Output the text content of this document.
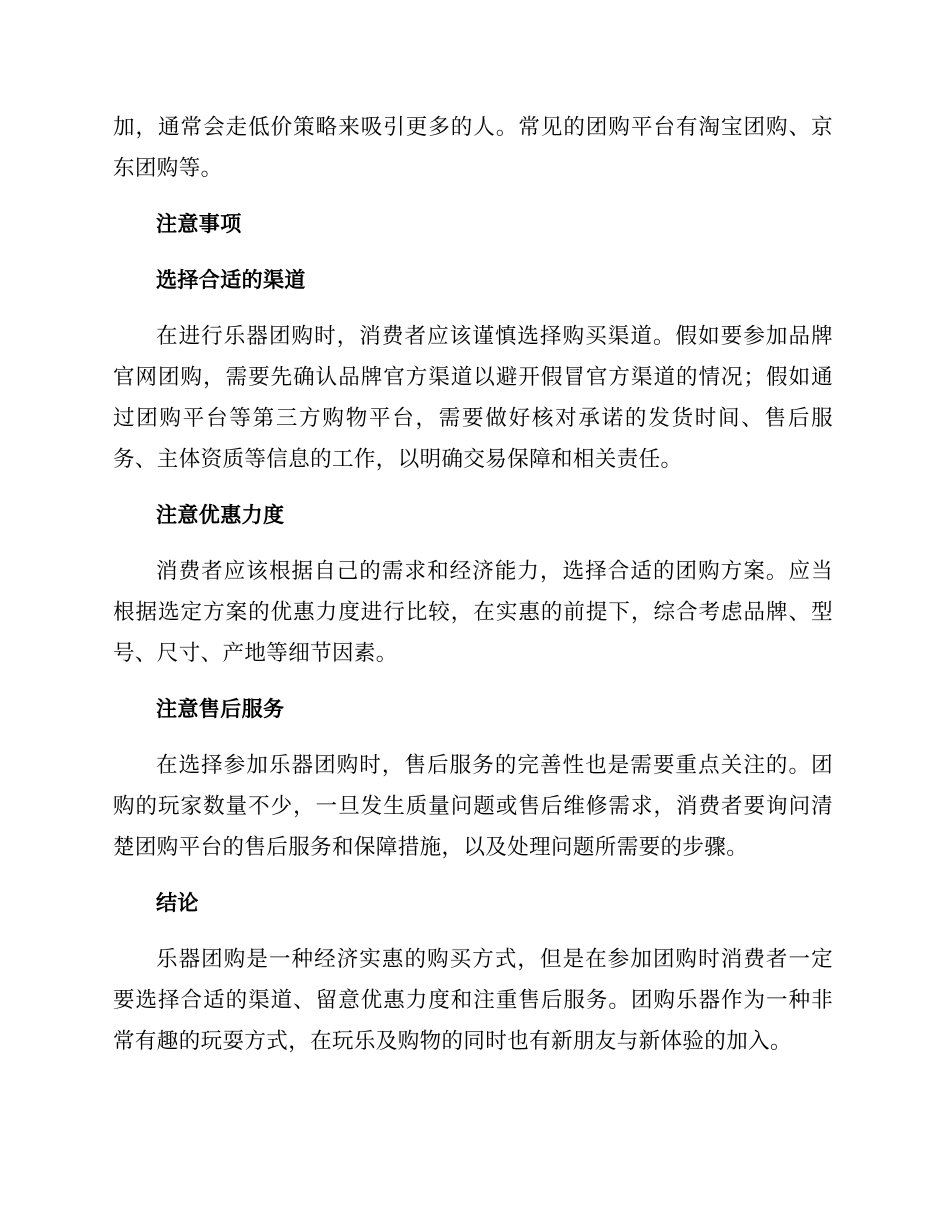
加，通常会走低价策略来吸引更多的人。常见的团购平台有淘宝团购、京东团购等。

注意事项
选择合适的渠道

在进行乐器团购时，消费者应该谨慎选择购买渠道。假如要参加品牌官网团购，需要先确认品牌官方渠道以避开假冒官方渠道的情况；假如通过团购平台等第三方购物平台，需要做好核对承诺的发货时间、售后服务、主体资质等信息的工作，以明确交易保障和相关责任。

注意优惠力度

消费者应该根据自己的需求和经济能力，选择合适的团购方案。应当根据选定方案的优惠力度进行比较，在实惠的前提下，综合考虑品牌、型号、尺寸、产地等细节因素。

注意售后服务

在选择参加乐器团购时，售后服务的完善性也是需要重点关注的。团购的玩家数量不少，一旦发生质量问题或售后维修需求，消费者要询问清楚团购平台的售后服务和保障措施，以及处理问题所需要的步骤。

结论

乐器团购是一种经济实惠的购买方式，但是在参加团购时消费者一定要选择合适的渠道、留意优惠力度和注重售后服务。团购乐器作为一种非常有趣的玩耍方式，在玩乐及购物的同时也有新朋友与新体验的加入。
